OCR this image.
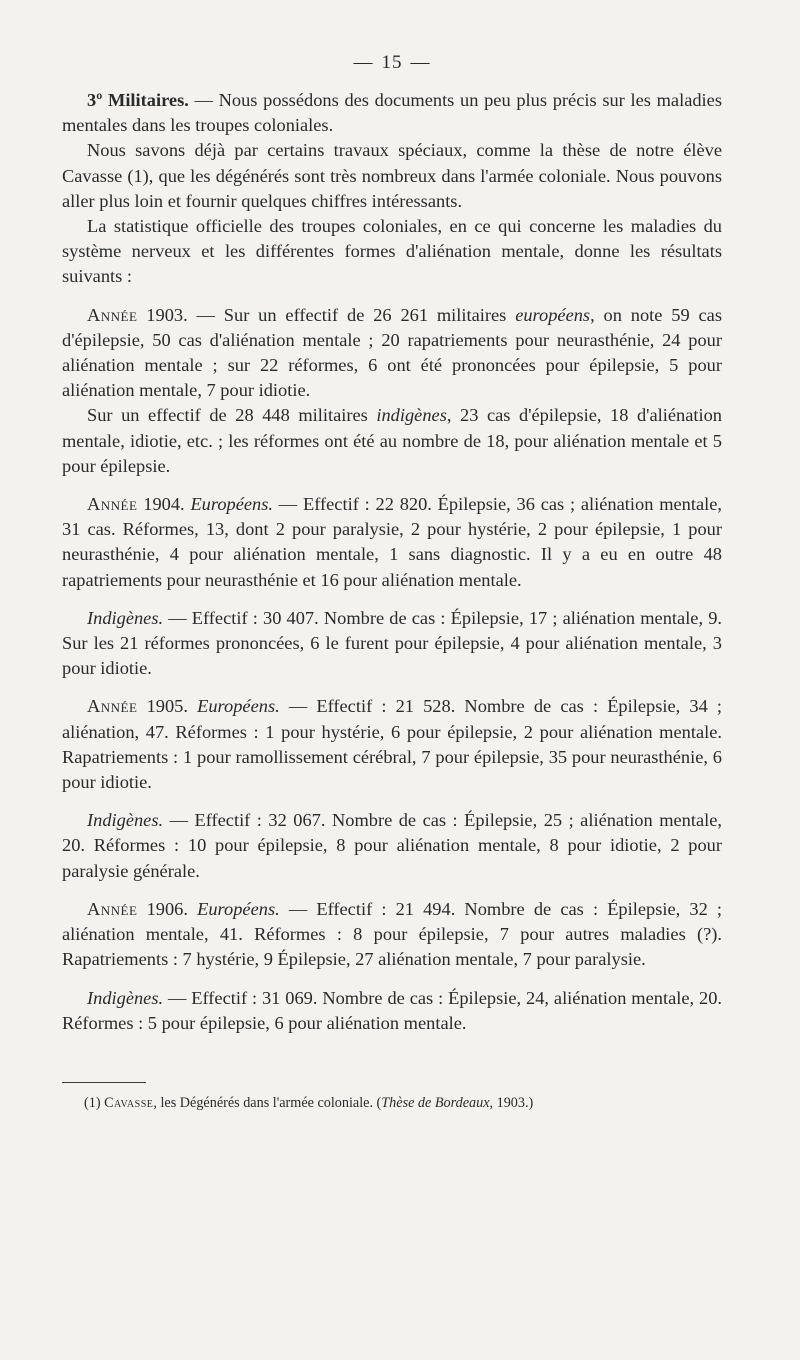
— 15 —

3º Militaires. — Nous possédons des documents un peu plus précis sur les maladies mentales dans les troupes coloniales.

Nous savons déjà par certains travaux spéciaux, comme la thèse de notre élève Cavasse (1), que les dégénérés sont très nombreux dans l'armée coloniale. Nous pouvons aller plus loin et fournir quelques chiffres intéressants.

La statistique officielle des troupes coloniales, en ce qui concerne les maladies du système nerveux et les différentes formes d'aliénation mentale, donne les résultats suivants :

Année 1903. — Sur un effectif de 26 261 militaires européens, on note 59 cas d'épilepsie, 50 cas d'aliénation mentale ; 20 rapatriements pour neurasthénie, 24 pour aliénation mentale ; sur 22 réformes, 6 ont été prononcées pour épilepsie, 5 pour aliénation mentale, 7 pour idiotie.

Sur un effectif de 28 448 militaires indigènes, 23 cas d'épilepsie, 18 d'aliénation mentale, idiotie, etc. ; les réformes ont été au nombre de 18, pour aliénation mentale et 5 pour épilepsie.

Année 1904. Européens. — Effectif : 22 820. Épilepsie, 36 cas ; aliénation mentale, 31 cas. Réformes, 13, dont 2 pour paralysie, 2 pour hystérie, 2 pour épilepsie, 1 pour neurasthénie, 4 pour aliénation mentale, 1 sans diagnostic. Il y a eu en outre 48 rapatriements pour neurasthénie et 16 pour aliénation mentale.

Indigènes. — Effectif : 30 407. Nombre de cas : Épilepsie, 17 ; aliénation mentale, 9. Sur les 21 réformes prononcées, 6 le furent pour épilepsie, 4 pour aliénation mentale, 3 pour idiotie.

Année 1905. Européens. — Effectif : 21 528. Nombre de cas : Épilepsie, 34 ; aliénation, 47. Réformes : 1 pour hystérie, 6 pour épilepsie, 2 pour aliénation mentale. Rapatriements : 1 pour ramollissement cérébral, 7 pour épilepsie, 35 pour neurasthénie, 6 pour idiotie.

Indigènes. — Effectif : 32 067. Nombre de cas : Épilepsie, 25 ; aliénation mentale, 20. Réformes : 10 pour épilepsie, 8 pour aliénation mentale, 8 pour idiotie, 2 pour paralysie générale.

Année 1906. Européens. — Effectif : 21 494. Nombre de cas : Épilepsie, 32 ; aliénation mentale, 41. Réformes : 8 pour épilepsie, 7 pour autres maladies (?). Rapatriements : 7 hystérie, 9 Épilepsie, 27 aliénation mentale, 7 pour paralysie.

Indigènes. — Effectif : 31 069. Nombre de cas : Épilepsie, 24, aliénation mentale, 20. Réformes : 5 pour épilepsie, 6 pour aliénation mentale.

(1) Cavasse, les Dégénérés dans l'armée coloniale. (Thèse de Bordeaux, 1903.)
